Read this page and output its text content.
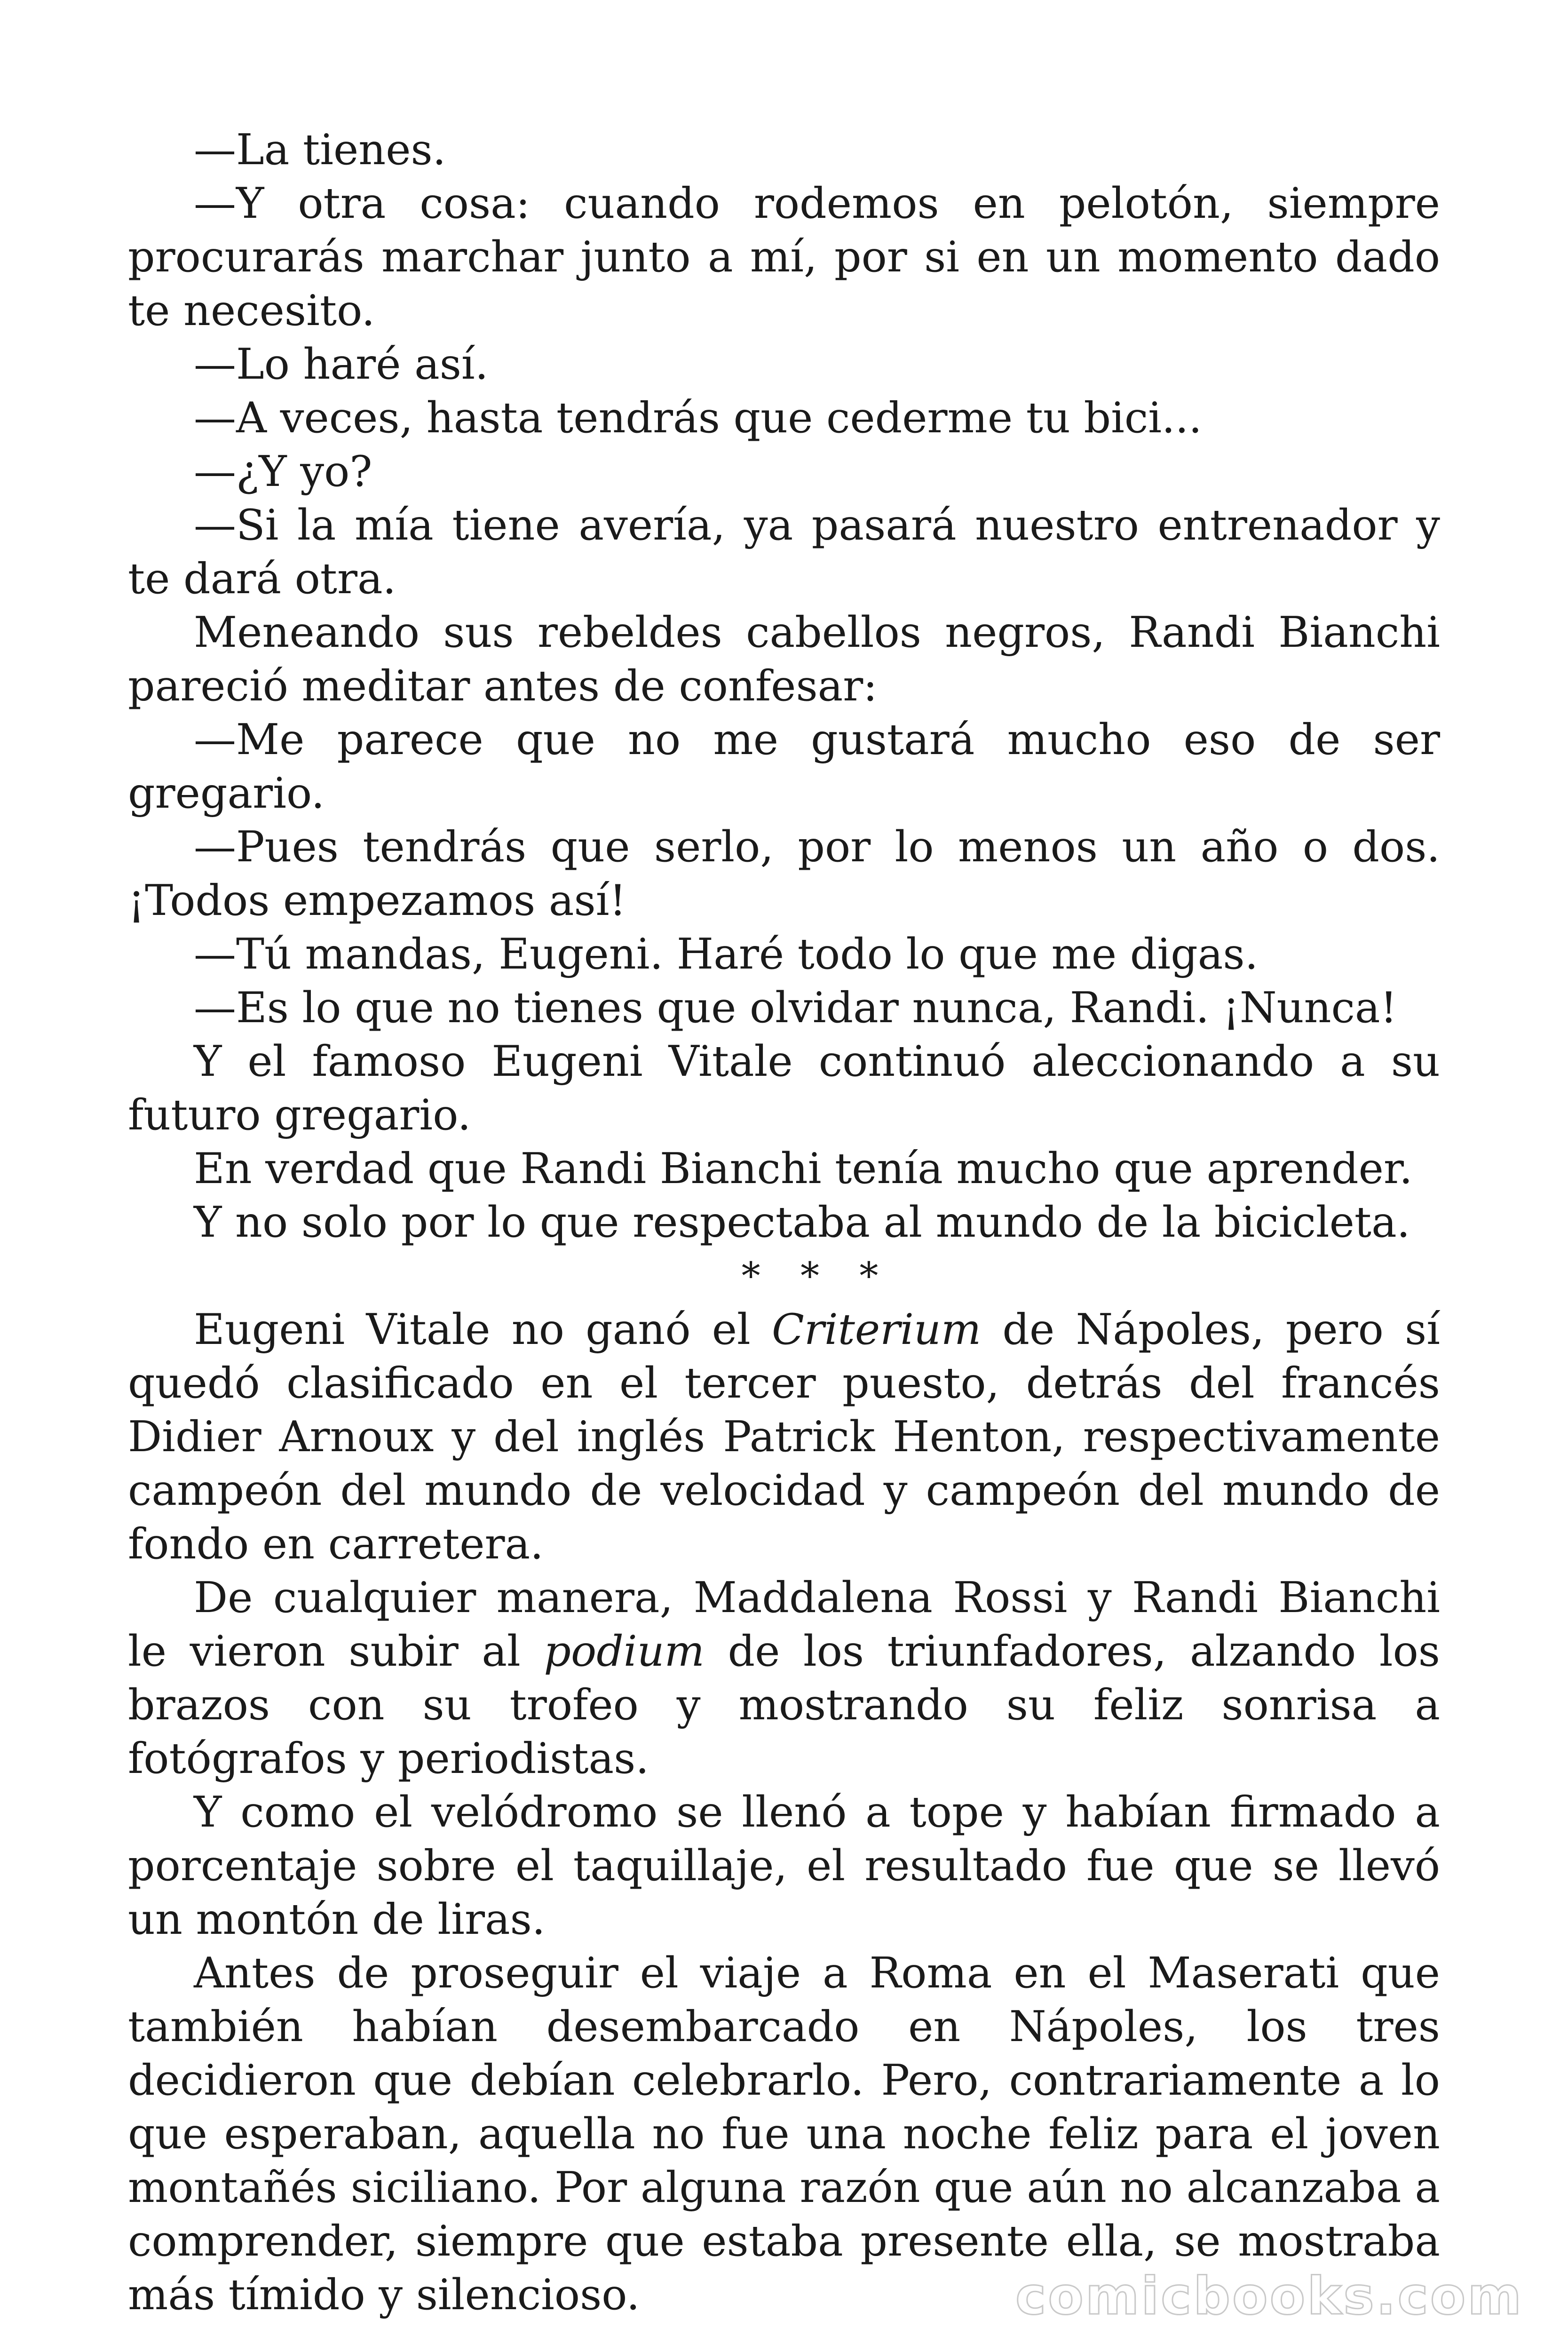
—La tienes.

—Y otra cosa: cuando rodemos en pelotón, siempre procurarás marchar junto a mí, por si en un momento dado te necesito.

—Lo haré así.

—A veces, hasta tendrás que cederme tu bici...

—¿Y yo?

—Si la mía tiene avería, ya pasará nuestro entrenador y te dará otra.

Meneando sus rebeldes cabellos negros, Randi Bianchi pareció meditar antes de confesar:

—Me parece que no me gustará mucho eso de ser gregario.

—Pues tendrás que serlo, por lo menos un año o dos. ¡Todos empezamos así!

—Tú mandas, Eugeni. Haré todo lo que me digas.

—Es lo que no tienes que olvidar nunca, Randi. ¡Nunca!

Y el famoso Eugeni Vitale continuó aleccionando a su futuro gregario.

En verdad que Randi Bianchi tenía mucho que aprender.

Y no solo por lo que respectaba al mundo de la bicicleta.

* * *

Eugeni Vitale no ganó el Criterium de Nápoles, pero sí quedó clasificado en el tercer puesto, detrás del francés Didier Arnoux y del inglés Patrick Henton, respectivamente campeón del mundo de velocidad y campeón del mundo de fondo en carretera.

De cualquier manera, Maddalena Rossi y Randi Bianchi le vieron subir al podium de los triunfadores, alzando los brazos con su trofeo y mostrando su feliz sonrisa a fotógrafos y periodistas.

Y como el velódromo se llenó a tope y habían firmado a porcentaje sobre el taquillaje, el resultado fue que se llevó un montón de liras.

Antes de proseguir el viaje a Roma en el Maserati que también habían desembarcado en Nápoles, los tres decidieron que debían celebrarlo. Pero, contrariamente a lo que esperaban, aquella no fue una noche feliz para el joven montañés siciliano. Por alguna razón que aún no alcanzaba a comprender, siempre que estaba presente ella, se mostraba más tímido y silencioso.	comicbooks.com
